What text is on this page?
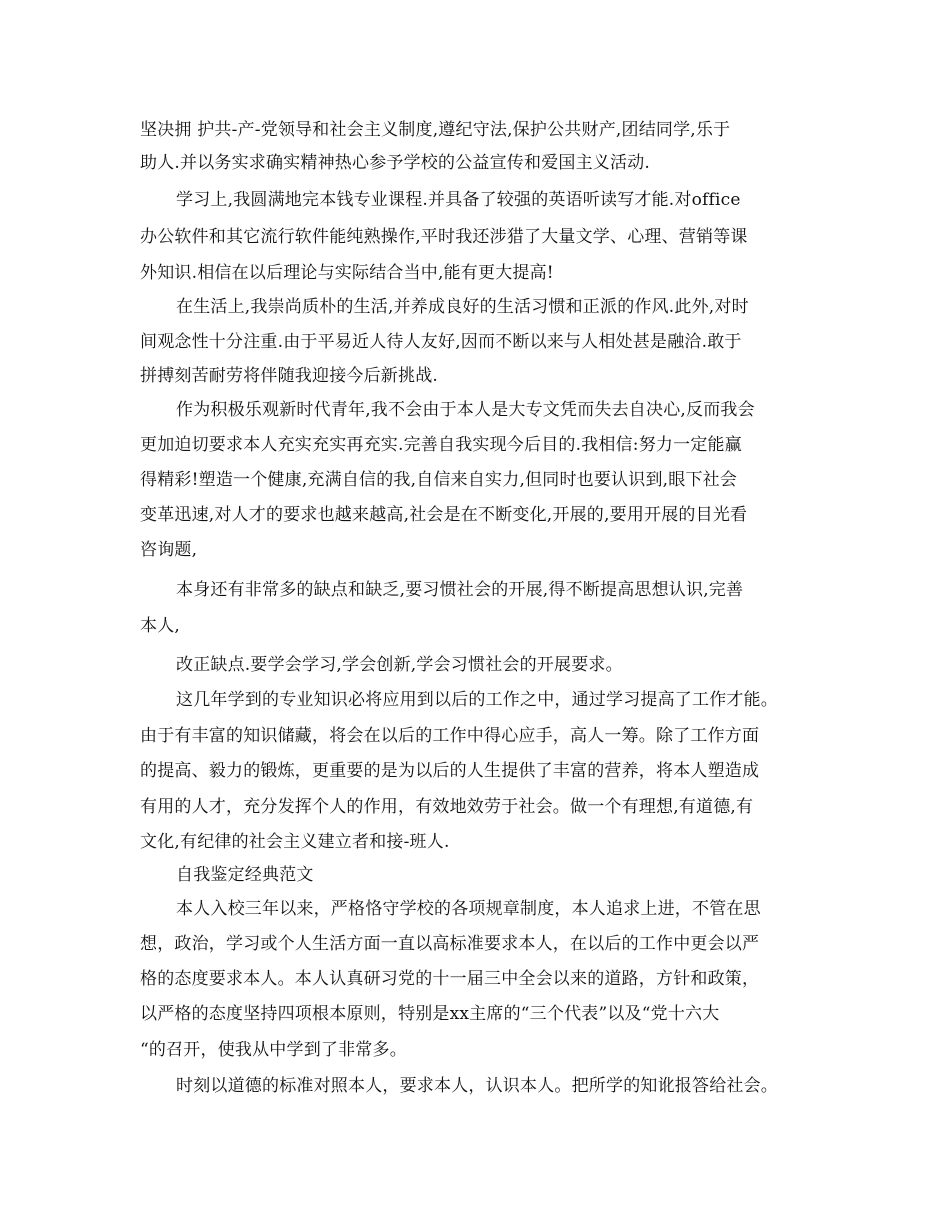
坚决拥 护共-产-党领导和社会主义制度,遵纪守法,保护公共财产,团结同学,乐于
助人.并以务实求确实精神热心参予学校的公益宣传和爱国主义活动.
学习上,我圆满地完本钱专业课程.并具备了较强的英语听读写才能.对office
办公软件和其它流行软件能纯熟操作,平时我还涉猎了大量文学、心理、营销等课
外知识.相信在以后理论与实际结合当中,能有更大提高!
在生活上,我崇尚质朴的生活,并养成良好的生活习惯和正派的作风.此外,对时
间观念性十分注重.由于平易近人待人友好,因而不断以来与人相处甚是融洽.敢于
拼搏刻苦耐劳将伴随我迎接今后新挑战.
作为积极乐观新时代青年,我不会由于本人是大专文凭而失去自决心,反而我会
更加迫切要求本人充实充实再充实.完善自我实现今后目的.我相信:努力一定能赢
得精彩!塑造一个健康,充满自信的我,自信来自实力,但同时也要认识到,眼下社会
变革迅速,对人才的要求也越来越高,社会是在不断变化,开展的,要用开展的目光看
咨询题,
本身还有非常多的缺点和缺乏,要习惯社会的开展,得不断提高思想认识,完善
本人,
改正缺点.要学会学习,学会创新,学会习惯社会的开展要求。
这几年学到的专业知识必将应用到以后的工作之中，通过学习提高了工作才能。
由于有丰富的知识储藏，将会在以后的工作中得心应手，高人一筹。除了工作方面
的提高、毅力的锻炼，更重要的是为以后的人生提供了丰富的营养，将本人塑造成
有用的人才，充分发挥个人的作用，有效地效劳于社会。做一个有理想,有道德,有
文化,有纪律的社会主义建立者和接-班人.
自我鉴定经典范文
本人入校三年以来，严格恪守学校的各项规章制度，本人追求上进，不管在思
想，政治，学习或个人生活方面一直以高标准要求本人，在以后的工作中更会以严
格的态度要求本人。本人认真研习党的十一届三中全会以来的道路，方针和政策，
以严格的态度坚持四项根本原则，特别是xx主席的“三个代表”以及“党十六大
“的召开，使我从中学到了非常多。
时刻以道德的标准对照本人，要求本人，认识本人。把所学的知讹报答给社会。
